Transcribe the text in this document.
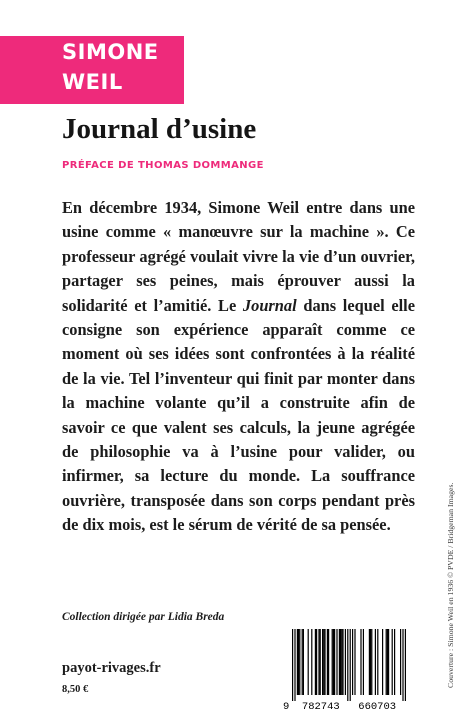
SIMONE
WEIL
Journal d’usine
PRÉFACE DE THOMAS DOMMANGE

En décembre 1934, Simone Weil entre dans une usine comme « manœuvre sur la machine ». Ce professeur agrégé voulait vivre la vie d’un ouvrier, partager ses peines, mais éprouver aussi la solidarité et l’amitié. Le Journal dans lequel elle consigne son expérience apparaît comme ce moment où ses idées sont confrontées à la réalité de la vie. Tel l’inventeur qui finit par monter dans la machine volante qu’il a construite afin de savoir ce que valent ses calculs, la jeune agrégée de philosophie va à l’usine pour valider, ou infirmer, sa lecture du monde. La souffrance ouvrière, transposée dans son corps pendant près de dix mois, est le sérum de vérité de sa pensée.

Collection dirigée par Lidia Breda
payot-rivages.fr
8,50 €
9 782743 660703
Couverture : Simone Weil en 1936 © PVDE / Bridgeman Images.
